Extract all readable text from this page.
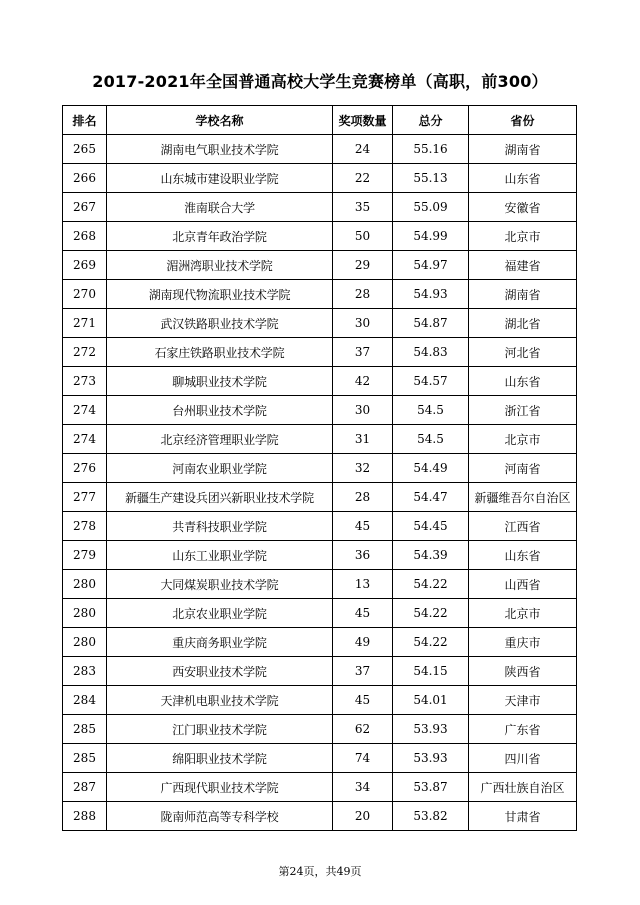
2017-2021年全国普通高校大学生竞赛榜单（高职，前300）
排名	学校名称	奖项数量	总分	省份
265	湖南电气职业技术学院	24	55.16	湖南省
266	山东城市建设职业学院	22	55.13	山东省
267	淮南联合大学	35	55.09	安徽省
268	北京青年政治学院	50	54.99	北京市
269	湄洲湾职业技术学院	29	54.97	福建省
270	湖南现代物流职业技术学院	28	54.93	湖南省
271	武汉铁路职业技术学院	30	54.87	湖北省
272	石家庄铁路职业技术学院	37	54.83	河北省
273	聊城职业技术学院	42	54.57	山东省
274	台州职业技术学院	30	54.5	浙江省
274	北京经济管理职业学院	31	54.5	北京市
276	河南农业职业学院	32	54.49	河南省
277	新疆生产建设兵团兴新职业技术学院	28	54.47	新疆维吾尔自治区
278	共青科技职业学院	45	54.45	江西省
279	山东工业职业学院	36	54.39	山东省
280	大同煤炭职业技术学院	13	54.22	山西省
280	北京农业职业学院	45	54.22	北京市
280	重庆商务职业学院	49	54.22	重庆市
283	西安职业技术学院	37	54.15	陕西省
284	天津机电职业技术学院	45	54.01	天津市
285	江门职业技术学院	62	53.93	广东省
285	绵阳职业技术学院	74	53.93	四川省
287	广西现代职业技术学院	34	53.87	广西壮族自治区
288	陇南师范高等专科学校	20	53.82	甘肃省
第24页，共49页
